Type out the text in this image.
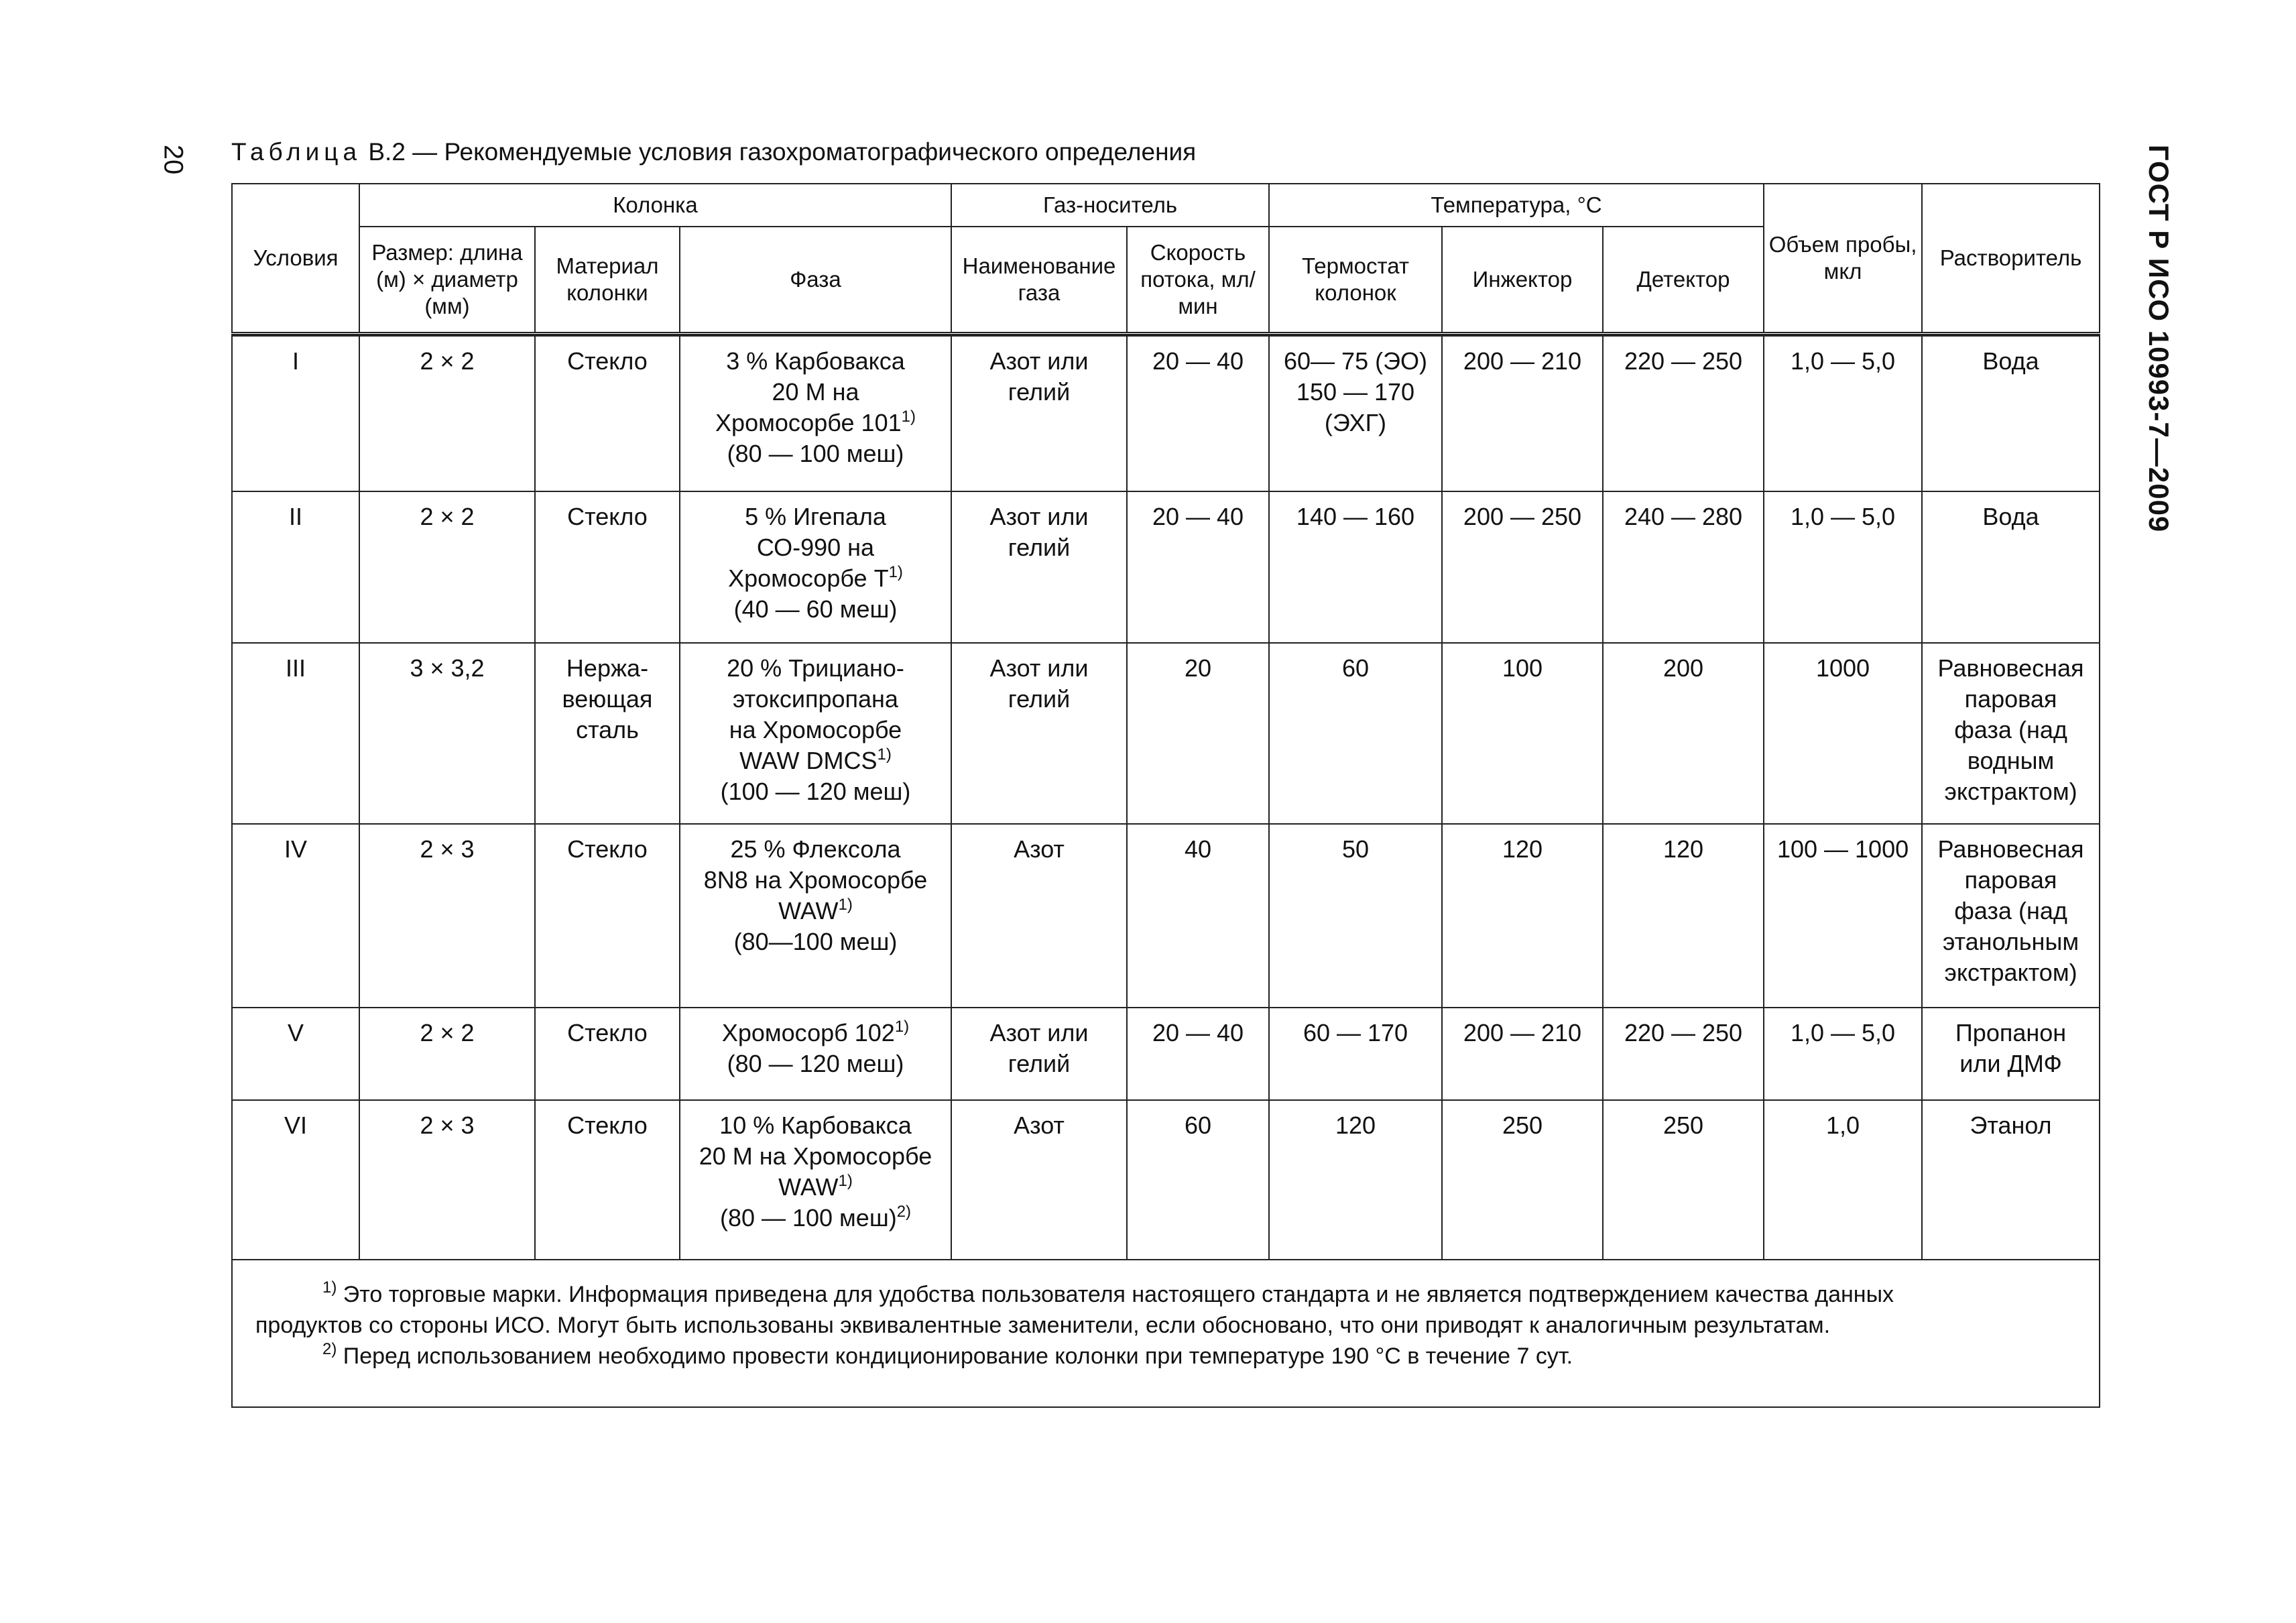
20	ГОСТ Р ИСО 10993-7—2009
Таблица В.2 — Рекомендуемые условия газохроматографического определения
Условия	Колонка			Газ-носитель		Температура, °С			Объем пробы, мкл	Растворитель
	Размер: длина (м) × диаметр (мм)	Материал колонки	Фаза	Наименование газа	Скорость потока, мл/мин	Термостат колонок	Инжектор	Детектор		

I	2 × 2	Стекло	3 % Карбовакса
20 М на
Хромосорбе 101$^{1)}$
(80 — 100 меш)	Азот или
гелий	20 — 40	60— 75 (ЭО)
150 — 170
(ЭХГ)	200 — 210	220 — 250	1,0 — 5,0	Вода
II	2 × 2	Стекло	5 % Игепала
СО-990 на
Хромосорбе $Т^{1)}$
(40 — 60 меш)	Азот или
гелий	20 — 40	140 — 160	200 — 250	240 — 280	1,0 — 5,0	Вода
III	3 × 3,2	Нержа-
веющая
сталь	20 % Трициано-
этоксипропана
на Хромосорбе
WAW DMCS$^{1)}$
(100 — 120 меш)	Азот или
гелий	20	60	100	200	1000	Равновесная
паровая
фаза (над
водным
экстрактом)

IV	2 × 3	Стекло	25 % Флексола
8N8 на Хромосорбе
WAW$^{1)}$
(80—100 меш)	Азот	40	50	120	120	100 — 1000	Равновесная
паровая
фаза (над
этанольным
экстрактом)

V	2 × 2	Стекло	Хромосорб 102$^{1)}$
(80 — 120 меш)	Азот или
гелий	20 — 40	60 — 170	200 — 210	220 — 250	1,0 — 5,0	Пропанон
или ДМФ

VI	2 × 3	Стекло	10 % Карбовакса
20 М на Хромосорбе
WAW$^{1)}$
(80 — 100 меш)$^{2)}$	Азот	60	120	250	250	1,0	Этанол

$^{1)}$ Это торговые марки. Информация приведена для удобства пользователя настоящего стандарта и не является подтверждением качества данных
продуктов со стороны ИСО. Могут быть использованы эквивалентные заменители, если обосновано, что они приводят к аналогичным результатам.
$^{2)}$ Перед использованием необходимо провести кондиционирование колонки при температуре 190 °С в течение 7 сут.										
